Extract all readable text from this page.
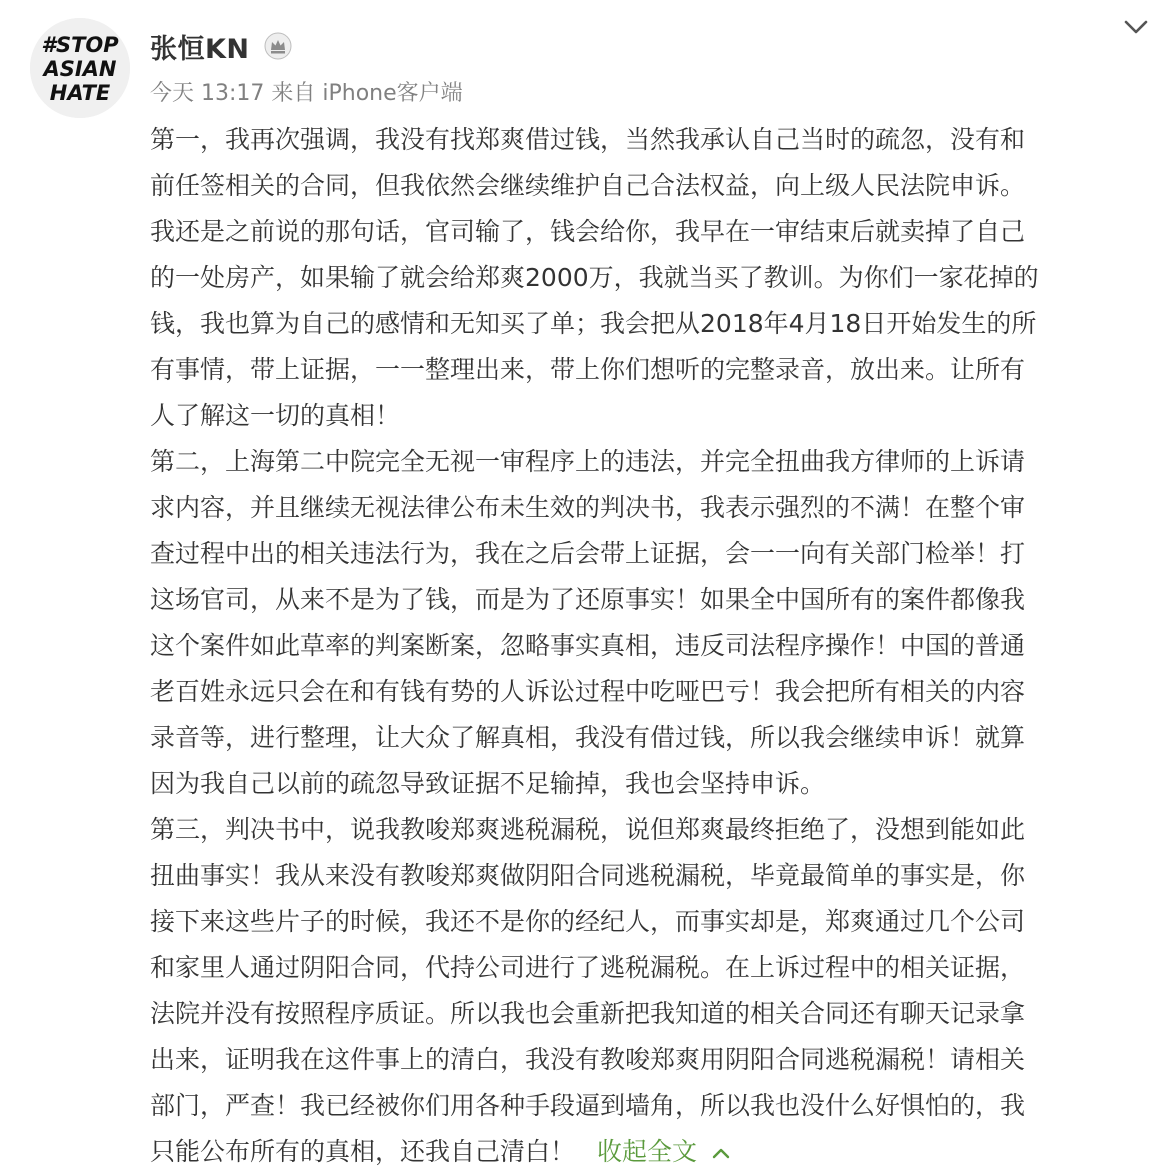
#STOP
ASIAN
HATE
张恒KN
今天 13:17 来自 iPhone客户端
第一，我再次强调，我没有找郑爽借过钱，当然我承认自己当时的疏忽，没有和
前任签相关的合同，但我依然会继续维护自己合法权益，向上级人民法院申诉。
我还是之前说的那句话，官司输了，钱会给你，我早在一审结束后就卖掉了自己
的一处房产，如果输了就会给郑爽2000万，我就当买了教训。为你们一家花掉的
钱，我也算为自己的感情和无知买了单；我会把从2018年4月18日开始发生的所
有事情，带上证据，一一整理出来，带上你们想听的完整录音，放出来。让所有
人了解这一切的真相！
第二，上海第二中院完全无视一审程序上的违法，并完全扭曲我方律师的上诉请
求内容，并且继续无视法律公布未生效的判决书，我表示强烈的不满！在整个审
查过程中出的相关违法行为，我在之后会带上证据，会一一向有关部门检举！打
这场官司，从来不是为了钱，而是为了还原事实！如果全中国所有的案件都像我
这个案件如此草率的判案断案，忽略事实真相，违反司法程序操作！中国的普通
老百姓永远只会在和有钱有势的人诉讼过程中吃哑巴亏！我会把所有相关的内容
录音等，进行整理，让大众了解真相，我没有借过钱，所以我会继续申诉！就算
因为我自己以前的疏忽导致证据不足输掉，我也会坚持申诉。
第三，判决书中，说我教唆郑爽逃税漏税，说但郑爽最终拒绝了，没想到能如此
扭曲事实！我从来没有教唆郑爽做阴阳合同逃税漏税，毕竟最简单的事实是，你
接下来这些片子的时候，我还不是你的经纪人，而事实却是，郑爽通过几个公司
和家里人通过阴阳合同，代持公司进行了逃税漏税。在上诉过程中的相关证据，
法院并没有按照程序质证。所以我也会重新把我知道的相关合同还有聊天记录拿
出来，证明我在这件事上的清白，我没有教唆郑爽用阴阳合同逃税漏税！请相关
部门，严查！我已经被你们用各种手段逼到墙角，所以我也没什么好惧怕的，我
只能公布所有的真相，还我自己清白！ 收起全文
